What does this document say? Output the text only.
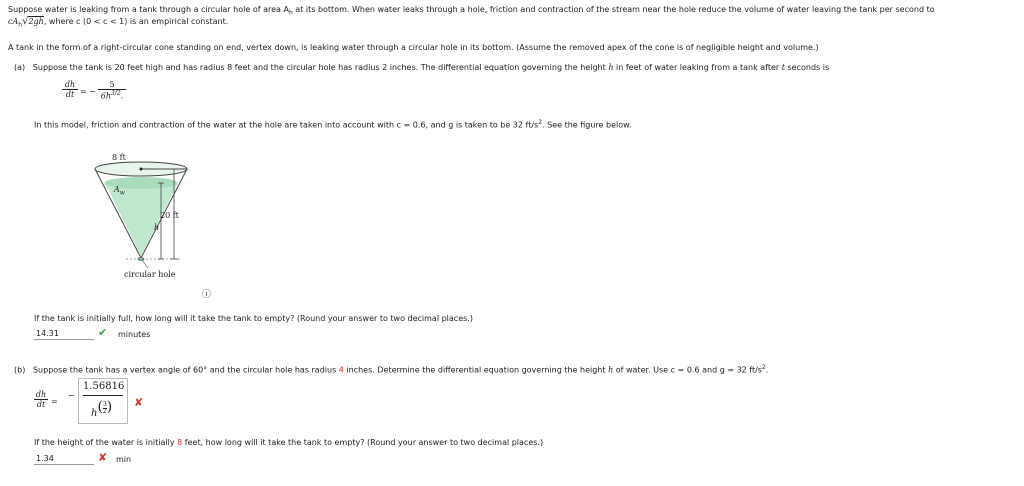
Suppose water is leaking from a tank through a circular hole of area $A_h$ at its bottom. When water leaks through a hole, friction and contraction of the stream near the hole reduce the volume of water leaving the tank per second to
$cA_h√2gh$, where c (0 < c < 1) is an empirical constant.
A tank in the form of a right-circular cone standing on end, vertex down, is leaking water through a circular hole in its bottom. (Assume the removed apex of the cone is of negligible height and volume.)
(a) Suppose the tank is 20 feet high and has radius 8 feet and the circular hole has radius 2 inches. The differential equation governing the height h in feet of water leaking from a tank after t seconds is
$\frac{dh}{dt}$ = − $\frac{5}{6h^{3/2}.}$
In this model, friction and contraction of the water at the hole are taken into account with c = 0.6, and g is taken to be 32 $ft/s^2$. See the figure below.
8 ft
$A_w$
20 ft
h
circular hole
ⓘ
If the tank is initially full, how long will it take the tank to empty? (Round your answer to two decimal places.)
14.31	✔ minutes
(b) Suppose the tank has a vertex angle of 60° and the circular hole has radius 4 inches. Determine the differential equation governing the height h of water. Use c = 0.6 and g = 32 $ft/s^2$.
$\frac{dh}{dt}$ =
−
1.56816
$h( \frac{3}{2}$ ) ✘
If the height of the water is initially 8 feet, how long will it take the tank to empty? (Round your answer to two decimal places.)
1.34	✘ min
